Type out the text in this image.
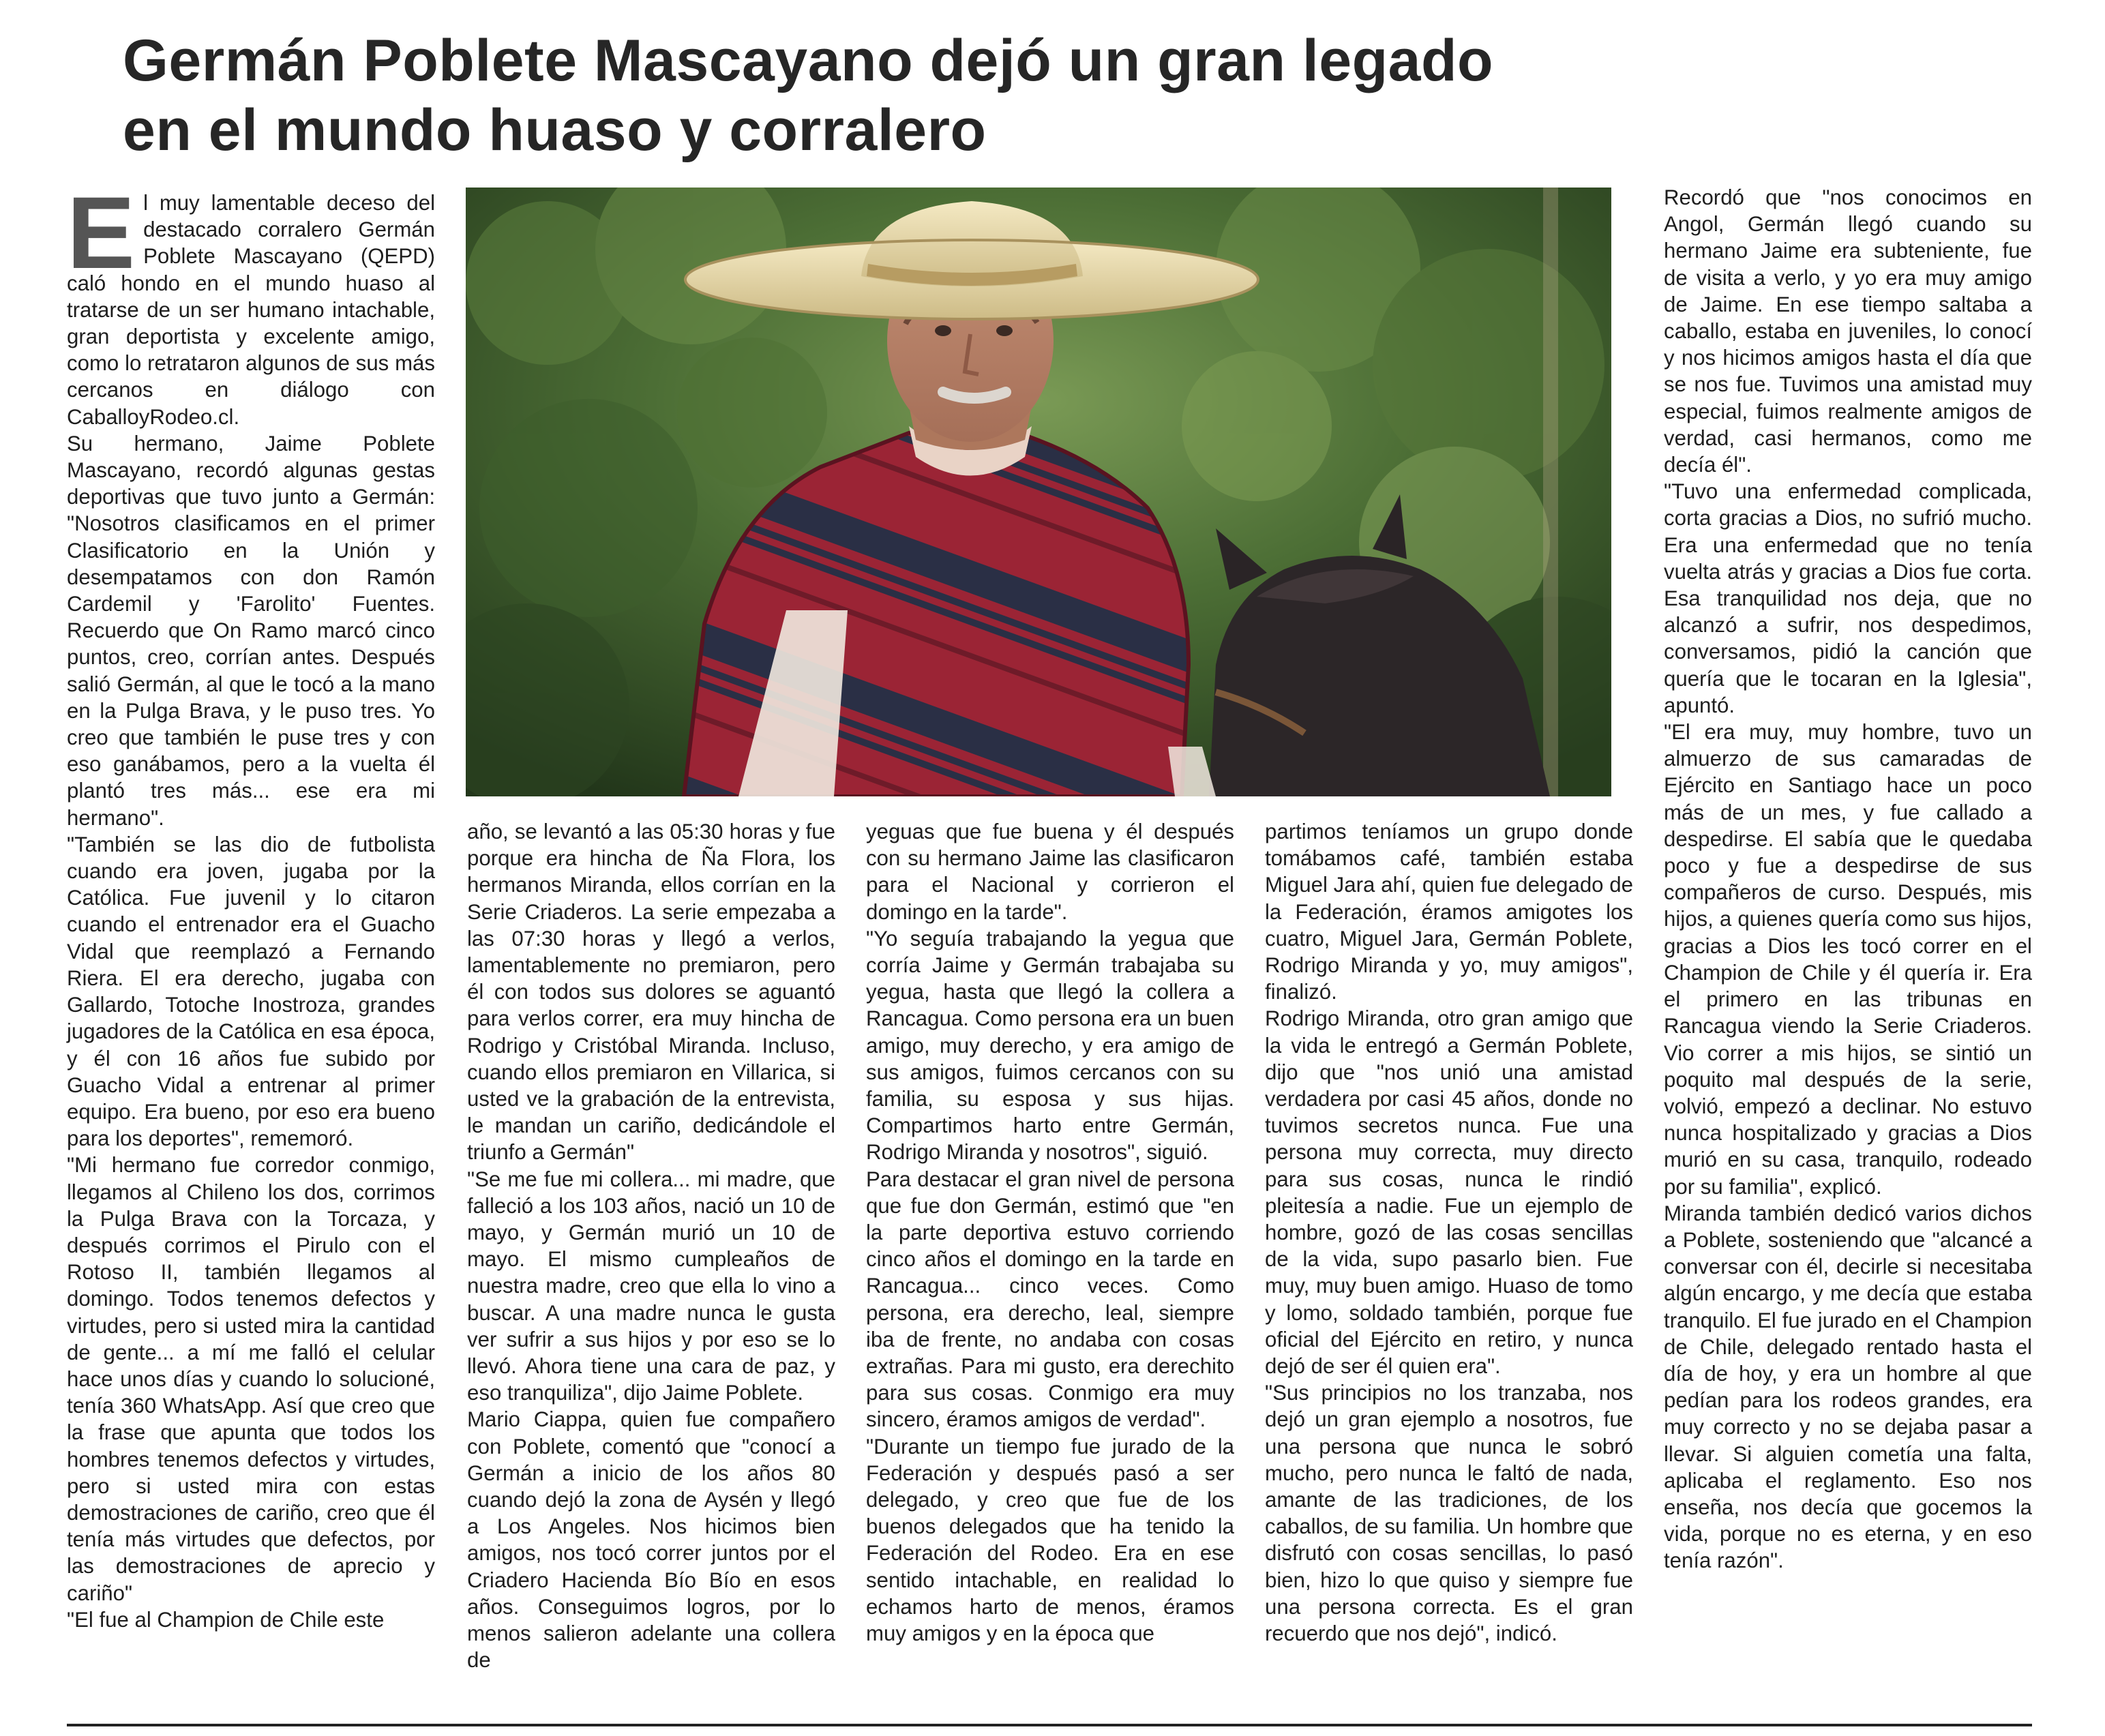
Germán Poblete Mascayano dejó un gran legado
en el mundo huaso y corralero

El muy lamentable deceso del destacado corralero Germán Poblete Mascayano (QEPD) caló hondo en el mundo huaso al tratarse de un ser humano intachable, gran deportista y excelente amigo, como lo retrataron algunos de sus más cercanos en diálogo con CaballoyRodeo.cl.

Su hermano, Jaime Poblete Mascayano, recordó algunas gestas deportivas que tuvo junto a Germán: "Nosotros clasificamos en el primer Clasificatorio en la Unión y desempatamos con don Ramón Cardemil y 'Farolito' Fuentes. Recuerdo que On Ramo marcó cinco puntos, creo, corrían antes. Después salió Germán, al que le tocó a la mano en la Pulga Brava, y le puso tres. Yo creo que también le puse tres y con eso ganábamos, pero a la vuelta él plantó tres más... ese era mi hermano".

"También se las dio de futbolista cuando era joven, jugaba por la Católica. Fue juvenil y lo citaron cuando el entrenador era el Guacho Vidal que reemplazó a Fernando Riera. El era derecho, jugaba con Gallardo, Totoche Inostroza, grandes jugadores de la Católica en esa época, y él con 16 años fue subido por Guacho Vidal a entrenar al primer equipo. Era bueno, por eso era bueno para los deportes", rememoró.

"Mi hermano fue corredor conmigo, llegamos al Chileno los dos, corrimos la Pulga Brava con la Torcaza, y después corrimos el Pirulo con el Rotoso II, también llegamos al domingo. Todos tenemos defectos y virtudes, pero si usted mira la cantidad de gente... a mí me falló el celular hace unos días y cuando lo solucioné, tenía 360 WhatsApp. Así que creo que la frase que apunta que todos los hombres tenemos defectos y virtudes, pero si usted mira con estas demostraciones de cariño, creo que él tenía más virtudes que defectos, por las demostraciones de aprecio y cariño"

"El fue al Champion de Chile este

año, se levantó a las 05:30 horas y fue porque era hincha de Ña Flora, los hermanos Miranda, ellos corrían en la Serie Criaderos. La serie empezaba a las 07:30 horas y llegó a verlos, lamentablemente no premiaron, pero él con todos sus dolores se aguantó para verlos correr, era muy hincha de Rodrigo y Cristóbal Miranda. Incluso, cuando ellos premiaron en Villarica, si usted ve la grabación de la entrevista, le mandan un cariño, dedicándole el triunfo a Germán"

"Se me fue mi collera... mi madre, que falleció a los 103 años, nació un 10 de mayo, y Germán murió un 10 de mayo. El mismo cumpleaños de nuestra madre, creo que ella lo vino a buscar. A una madre nunca le gusta ver sufrir a sus hijos y por eso se lo llevó. Ahora tiene una cara de paz, y eso tranquiliza", dijo Jaime Poblete.

Mario Ciappa, quien fue compañero con Poblete, comentó que "conocí a Germán a inicio de los años 80 cuando dejó la zona de Aysén y llegó a Los Angeles. Nos hicimos bien amigos, nos tocó correr juntos por el Criadero Hacienda Bío Bío en esos años. Conseguimos logros, por lo menos salieron adelante una collera de

yeguas que fue buena y él después con su hermano Jaime las clasificaron para el Nacional y corrieron el domingo en la tarde".

"Yo seguía trabajando la yegua que corría Jaime y Germán trabajaba su yegua, hasta que llegó la collera a Rancagua. Como persona era un buen amigo, muy derecho, y era amigo de sus amigos, fuimos cercanos con su familia, su esposa y sus hijas. Compartimos harto entre Germán, Rodrigo Miranda y nosotros", siguió.

Para destacar el gran nivel de persona que fue don Germán, estimó que "en la parte deportiva estuvo corriendo cinco años el domingo en la tarde en Rancagua... cinco veces. Como persona, era derecho, leal, siempre iba de frente, no andaba con cosas extrañas. Para mi gusto, era derechito para sus cosas. Conmigo era muy sincero, éramos amigos de verdad".

"Durante un tiempo fue jurado de la Federación y después pasó a ser delegado, y creo que fue de los buenos delegados que ha tenido la Federación del Rodeo. Era en ese sentido intachable, en realidad lo echamos harto de menos, éramos muy amigos y en la época que

partimos teníamos un grupo donde tomábamos café, también estaba Miguel Jara ahí, quien fue delegado de la Federación, éramos amigotes los cuatro, Miguel Jara, Germán Poblete, Rodrigo Miranda y yo, muy amigos", finalizó.

Rodrigo Miranda, otro gran amigo que la vida le entregó a Germán Poblete, dijo que "nos unió una amistad verdadera por casi 45 años, donde no tuvimos secretos nunca. Fue una persona muy correcta, muy directo para sus cosas, nunca le rindió pleitesía a nadie. Fue un ejemplo de hombre, gozó de las cosas sencillas de la vida, supo pasarlo bien. Fue muy, muy buen amigo. Huaso de tomo y lomo, soldado también, porque fue oficial del Ejército en retiro, y nunca dejó de ser él quien era".

"Sus principios no los tranzaba, nos dejó un gran ejemplo a nosotros, fue una persona que nunca le sobró mucho, pero nunca le faltó de nada, amante de las tradiciones, de los caballos, de su familia. Un hombre que disfrutó con cosas sencillas, lo pasó bien, hizo lo que quiso y siempre fue una persona correcta. Es el gran recuerdo que nos dejó", indicó.

Recordó que "nos conocimos en Angol, Germán llegó cuando su hermano Jaime era subteniente, fue de visita a verlo, y yo era muy amigo de Jaime. En ese tiempo saltaba a caballo, estaba en juveniles, lo conocí y nos hicimos amigos hasta el día que se nos fue. Tuvimos una amistad muy especial, fuimos realmente amigos de verdad, casi hermanos, como me decía él".

"Tuvo una enfermedad complicada, corta gracias a Dios, no sufrió mucho. Era una enfermedad que no tenía vuelta atrás y gracias a Dios fue corta. Esa tranquilidad nos deja, que no alcanzó a sufrir, nos despedimos, conversamos, pidió la canción que quería que le tocaran en la Iglesia", apuntó.

"El era muy, muy hombre, tuvo un almuerzo de sus camaradas de Ejército en Santiago hace un poco más de un mes, y fue callado a despedirse. El sabía que le quedaba poco y fue a despedirse de sus compañeros de curso. Después, mis hijos, a quienes quería como sus hijos, gracias a Dios les tocó correr en el Champion de Chile y él quería ir. Era el primero en las tribunas en Rancagua viendo la Serie Criaderos. Vio correr a mis hijos, se sintió un poquito mal después de la serie, volvió, empezó a declinar. No estuvo nunca hospitalizado y gracias a Dios murió en su casa, tranquilo, rodeado por su familia", explicó.

Miranda también dedicó varios dichos a Poblete, sosteniendo que "alcancé a conversar con él, decirle si necesitaba algún encargo, y me decía que estaba tranquilo. El fue jurado en el Champion de Chile, delegado rentado hasta el día de hoy, y era un hombre al que pedían para los rodeos grandes, era muy correcto y no se dejaba pasar a llevar. Si alguien cometía una falta, aplicaba el reglamento. Eso nos enseña, nos decía que gocemos la vida, porque no es eterna, y en eso tenía razón".
